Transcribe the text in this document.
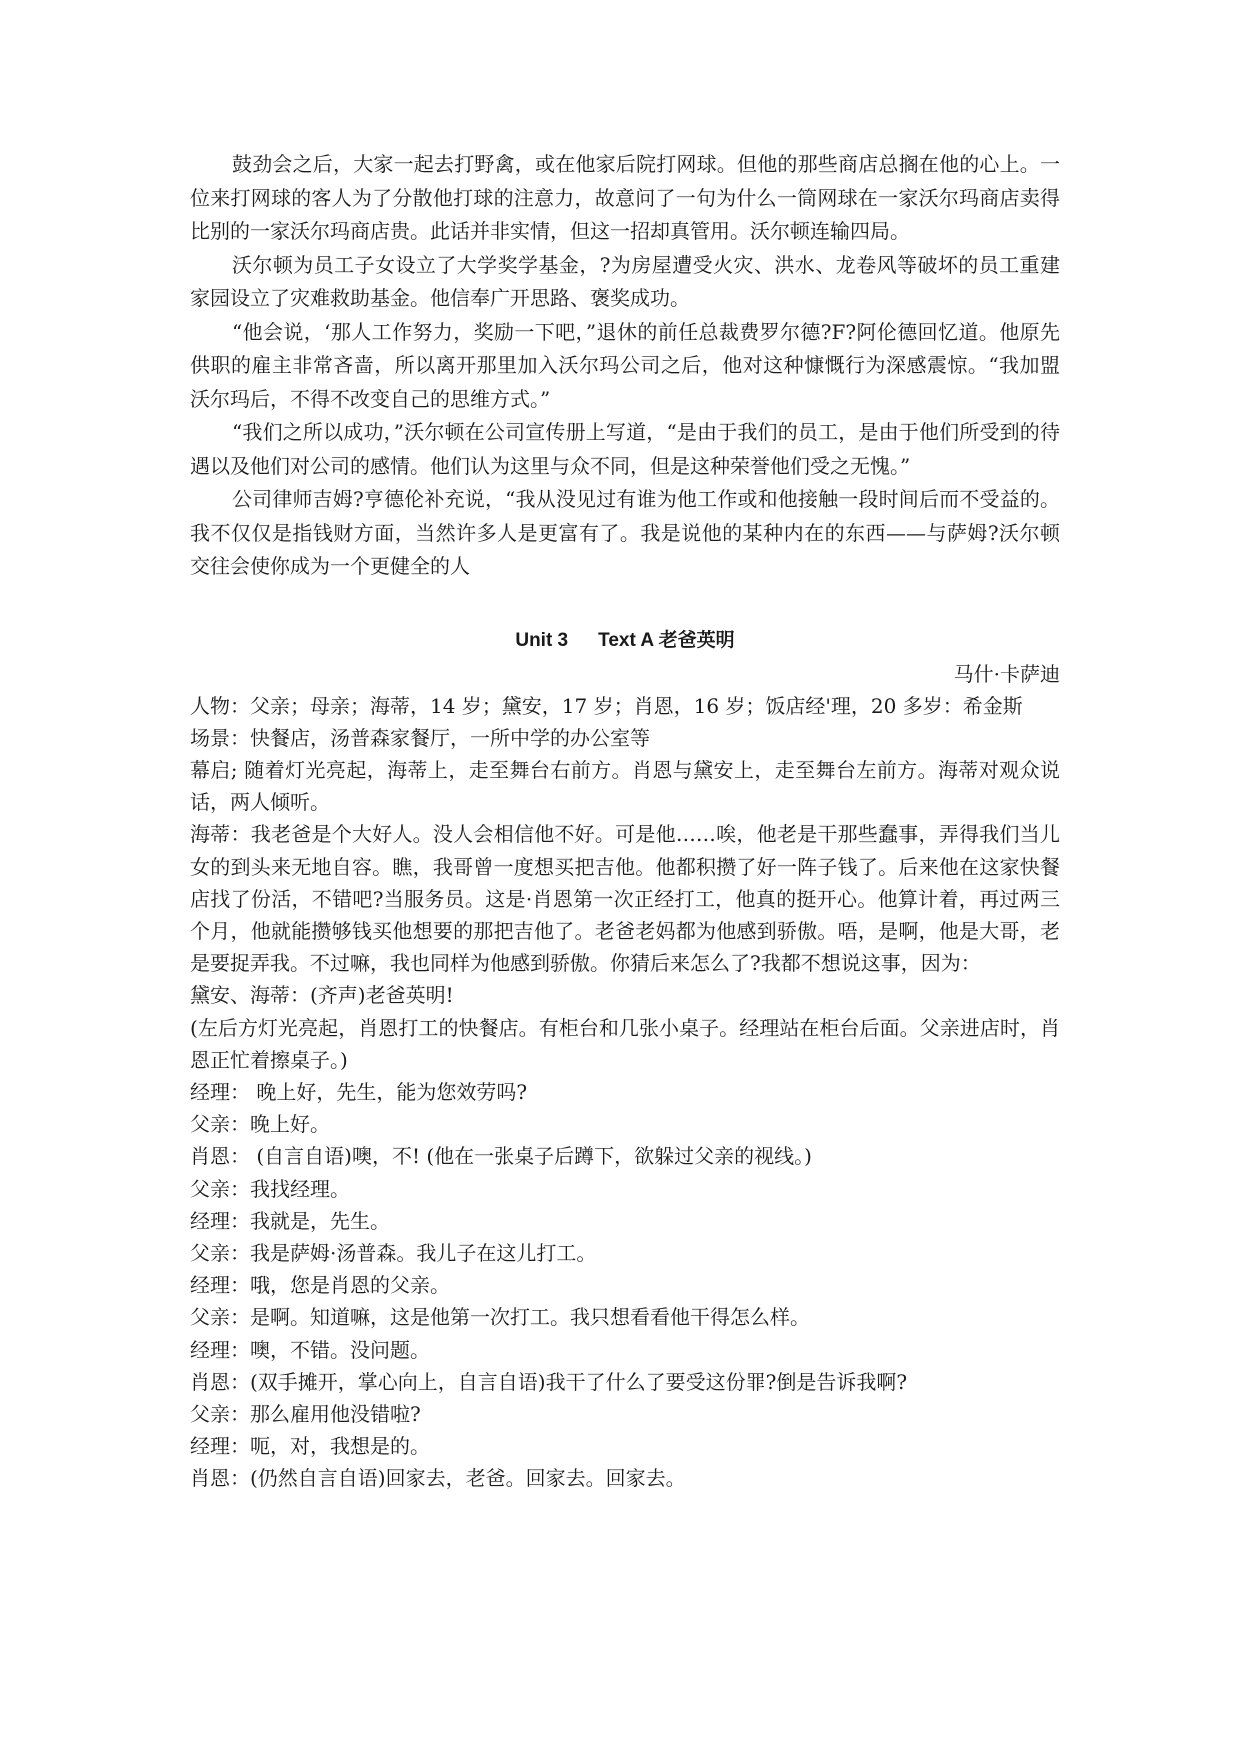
鼓劲会之后，大家一起去打野禽，或在他家后院打网球。但他的那些商店总搁在他的心上。一位来打网球的客人为了分散他打球的注意力，故意问了一句为什么一筒网球在一家沃尔玛商店卖得比别的一家沃尔玛商店贵。此话并非实情，但这一招却真管用。沃尔顿连输四局。

沃尔顿为员工子女设立了大学奖学基金，?为房屋遭受火灾、洪水、龙卷风等破坏的员工重建家园设立了灾难救助基金。他信奉广开思路、褒奖成功。

“他会说，‘那人工作努力，奖励一下吧，”退休的前任总裁费罗尔德?F?阿伦德回忆道。他原先供职的雇主非常吝啬，所以离开那里加入沃尔玛公司之后，他对这种慷慨行为深感震惊。“我加盟沃尔玛后，不得不改变自己的思维方式。”

“我们之所以成功，”沃尔顿在公司宣传册上写道，“是由于我们的员工，是由于他们所受到的待遇以及他们对公司的感情。他们认为这里与众不同，但是这种荣誉他们受之无愧。”

公司律师吉姆?亨德伦补充说，“我从没见过有谁为他工作或和他接触一段时间后而不受益的。我不仅仅是指钱财方面，当然许多人是更富有了。我是说他的某种内在的东西——与萨姆?沃尔顿交往会使你成为一个更健全的人

Unit 3 Text A 老爸英明

马什·卡萨迪

人物：父亲；母亲；海蒂，14 岁；黛安，17 岁；肖恩，16 岁；饭店经'理，20 多岁：希金斯

场景：快餐店，汤普森家餐厅，一所中学的办公室等

幕启; 随着灯光亮起，海蒂上，走至舞台右前方。肖恩与黛安上，走至舞台左前方。海蒂对观众说话，两人倾听。

海蒂：我老爸是个大好人。没人会相信他不好。可是他……唉，他老是干那些蠢事，弄得我们当儿女的到头来无地自容。瞧，我哥曾一度想买把吉他。他都积攒了好一阵子钱了。后来他在这家快餐店找了份活，不错吧?当服务员。这是·肖恩第一次正经打工，他真的挺开心。他算计着，再过两三个月，他就能攒够钱买他想要的那把吉他了。老爸老妈都为他感到骄傲。唔，是啊，他是大哥，老是要捉弄我。不过嘛，我也同样为他感到骄傲。你猜后来怎么了?我都不想说这事，因为：

黛安、海蒂：(齐声)老爸英明!

(左后方灯光亮起，肖恩打工的快餐店。有柜台和几张小桌子。经理站在柜台后面。父亲进店时，肖恩正忙着擦桌子。)

经理： 晚上好，先生，能为您效劳吗?

父亲：晚上好。

肖恩： (自言自语)噢，不! (他在一张桌子后蹲下，欲躲过父亲的视线。)

父亲：我找经理。

经理：我就是，先生。

父亲：我是萨姆·汤普森。我儿子在这儿打工。

经理：哦，您是肖恩的父亲。

父亲：是啊。知道嘛，这是他第一次打工。我只想看看他干得怎么样。

经理：噢，不错。没问题。

肖恩：(双手摊开，掌心向上，自言自语)我干了什么了要受这份罪?倒是告诉我啊?

父亲：那么雇用他没错啦?

经理：呃，对，我想是的。

肖恩：(仍然自言自语)回家去，老爸。回家去。回家去。
